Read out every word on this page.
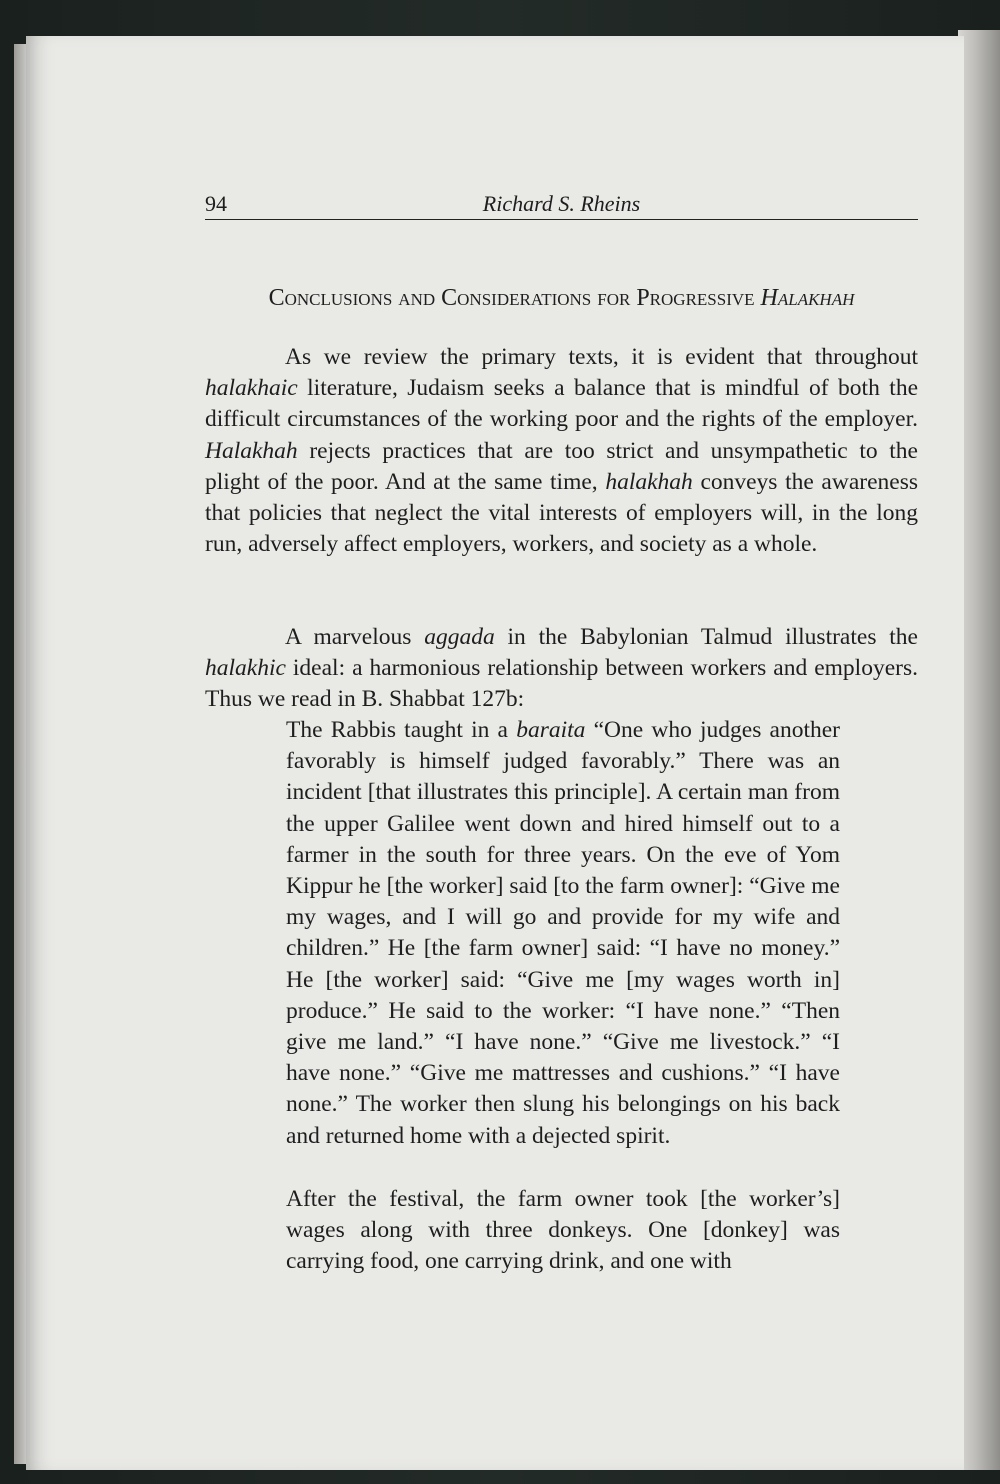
94	Richard S. Rheins
Conclusions and Considerations for Progressive Halakhah

As we review the primary texts, it is evident that throughout halakhaic literature, Judaism seeks a balance that is mindful of both the difficult circumstances of the working poor and the rights of the employer. Halakhah rejects practices that are too strict and unsympathetic to the plight of the poor. And at the same time, halakhah conveys the awareness that policies that neglect the vital interests of employers will, in the long run, adversely affect employers, workers, and society as a whole.

A marvelous aggada in the Babylonian Talmud illustrates the halakhic ideal: a harmonious relationship between workers and employers. Thus we read in B. Shabbat 127b:

The Rabbis taught in a baraita “One who judges another favorably is himself judged favorably.” There was an incident [that illustrates this principle]. A certain man from the upper Galilee went down and hired himself out to a farmer in the south for three years. On the eve of Yom Kippur he [the worker] said [to the farm owner]: “Give me my wages, and I will go and provide for my wife and children.” He [the farm owner] said: “I have no money.” He [the worker] said: “Give me [my wages worth in] produce.” He said to the worker: “I have none.” “Then give me land.” “I have none.” “Give me livestock.” “I have none.” “Give me mattresses and cushions.” “I have none.” The worker then slung his belongings on his back and returned home with a dejected spirit.

After the festival, the farm owner took [the worker’s] wages along with three donkeys. One [donkey] was carrying food, one carrying drink, and one with
